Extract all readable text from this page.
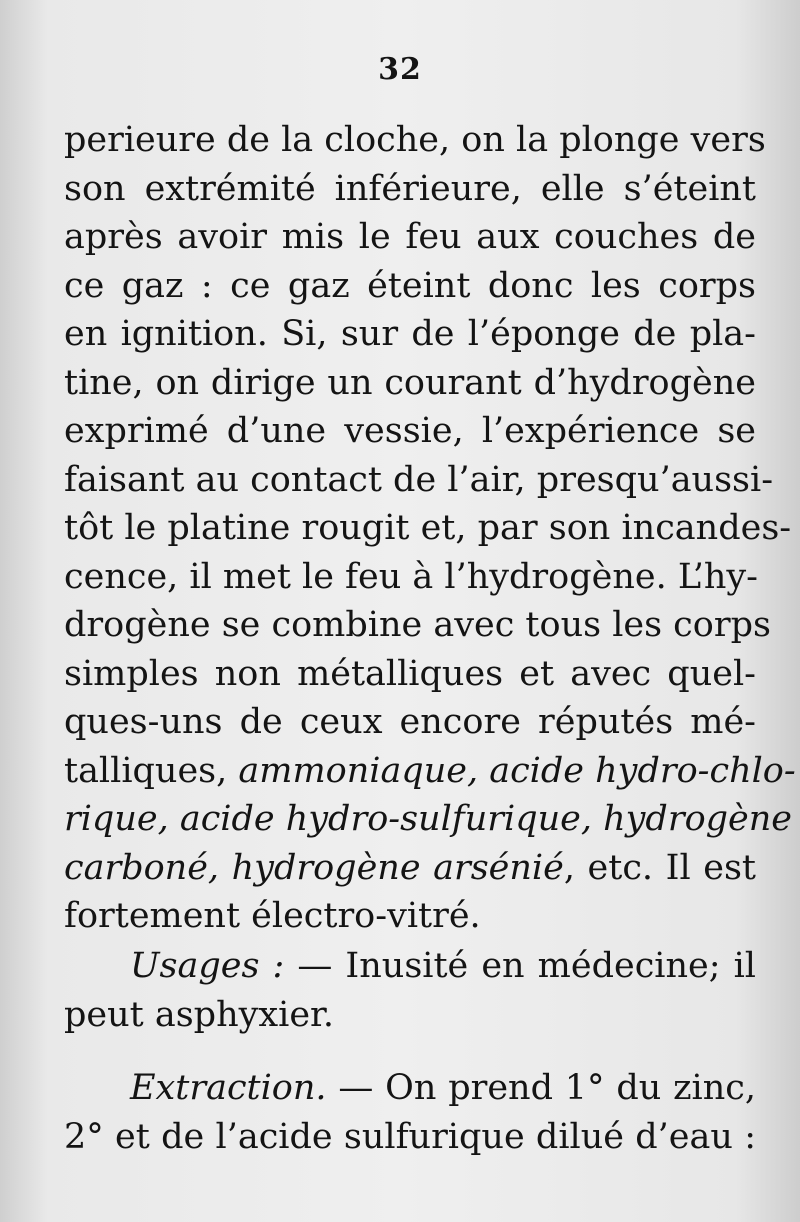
32
perieure de la cloche, on la plonge vers
son extrémité inférieure, elle s’éteint
après avoir mis le feu aux couches de
ce gaz : ce gaz éteint donc les corps
en ignition. Si, sur de l’éponge de pla-
tine, on dirige un courant d’hydrogène
exprimé d’une vessie, l’expérience se
faisant au contact de l’air, presqu’aussi-
tôt le platine rougit et, par son incandes-
cence, il met le feu à l’hydrogène. L’hy-
drogène se combine avec tous les corps
simples non métalliques et avec quel-
ques-uns de ceux encore réputés mé-
talliques, ammoniaque, acide hydro-chlo-
rique, acide hydro-sulfurique, hydrogène
carboné, hydrogène arsénié, etc. Il est
fortement électro-vitré.
Usages : — Inusité en médecine; il
peut asphyxier.
Extraction. — On prend 1° du zinc,
2° et de l’acide sulfurique dilué d’eau :
